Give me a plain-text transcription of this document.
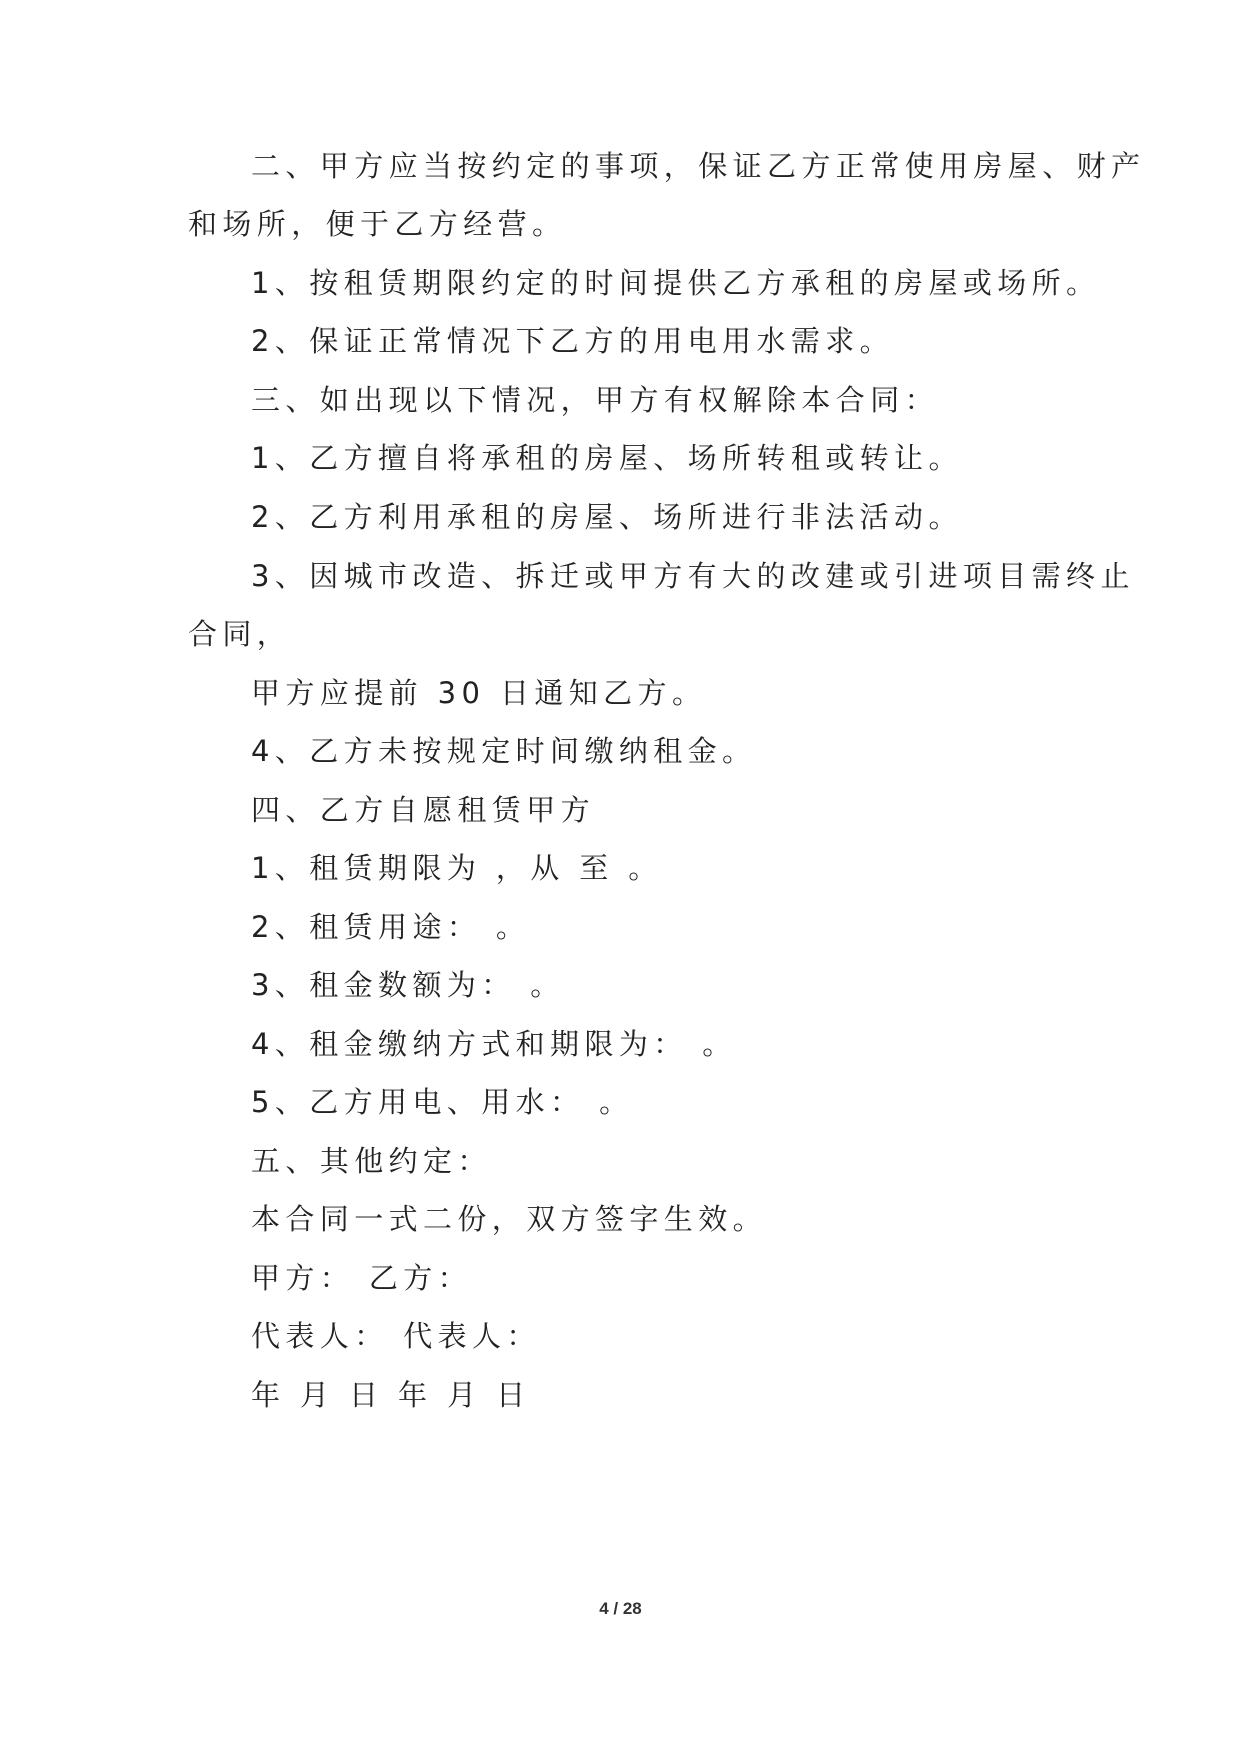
二、甲方应当按约定的事项，保证乙方正常使用房屋、财产
和场所，便于乙方经营。
1、按租赁期限约定的时间提供乙方承租的房屋或场所。
2、保证正常情况下乙方的用电用水需求。
三、如出现以下情况，甲方有权解除本合同：
1、乙方擅自将承租的房屋、场所转租或转让。
2、乙方利用承租的房屋、场所进行非法活动。
3、因城市改造、拆迁或甲方有大的改建或引进项目需终止
合同，
甲方应提前 30 日通知乙方。
4、乙方未按规定时间缴纳租金。
四、乙方自愿租赁甲方
1、租赁期限为 ，从 至 。
2、租赁用途： 。
3、租金数额为： 。
4、租金缴纳方式和期限为： 。
5、乙方用电、用水： 。
五、其他约定：
本合同一式二份，双方签字生效。
甲方： 乙方：
代表人： 代表人：
年 月 日 年 月 日
4 / 28
